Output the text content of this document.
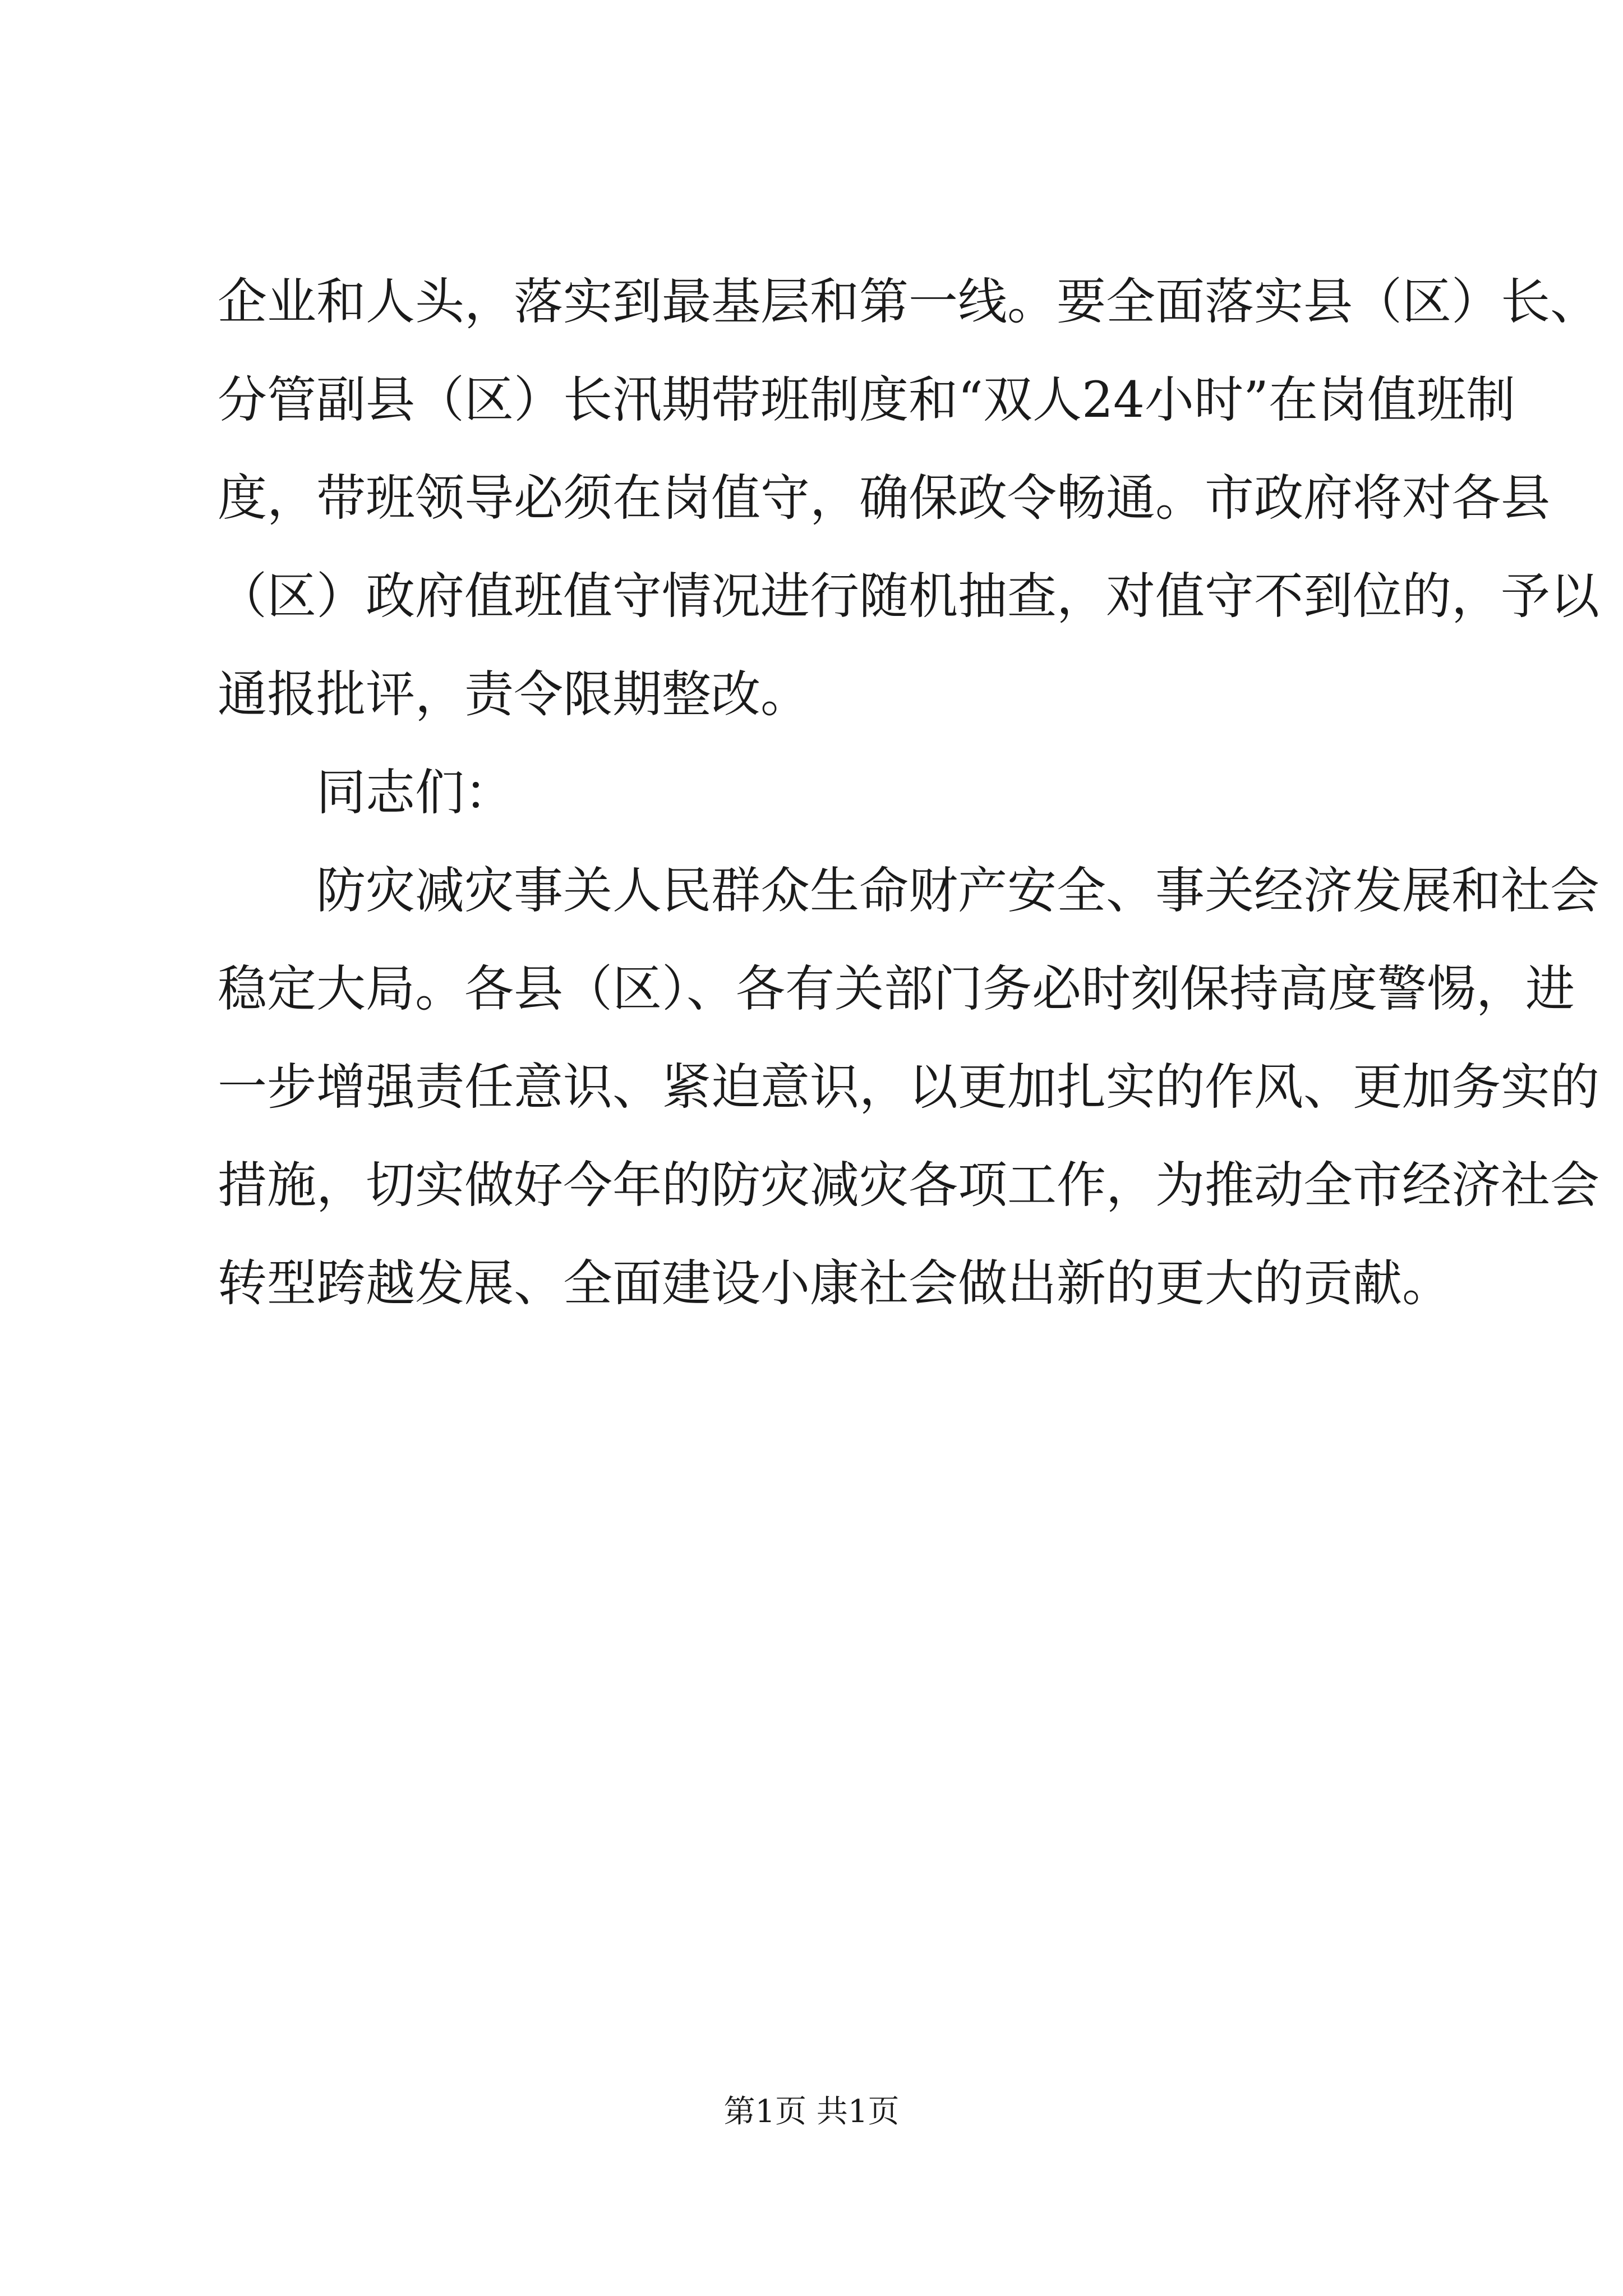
企业和人头，落实到最基层和第一线。要全面落实县（区）长、
分管副县（区）长汛期带班制度和“双人24小时”在岗值班制
度，带班领导必须在岗值守，确保政令畅通。市政府将对各县
（区）政府值班值守情况进行随机抽查，对值守不到位的，予以
通报批评，责令限期整改。
同志们：
防灾减灾事关人民群众生命财产安全、事关经济发展和社会
稳定大局。各县（区）、各有关部门务必时刻保持高度警惕，进
一步增强责任意识、紧迫意识，以更加扎实的作风、更加务实的
措施，切实做好今年的防灾减灾各项工作，为推动全市经济社会
转型跨越发展、全面建设小康社会做出新的更大的贡献。
第1页 共1页
